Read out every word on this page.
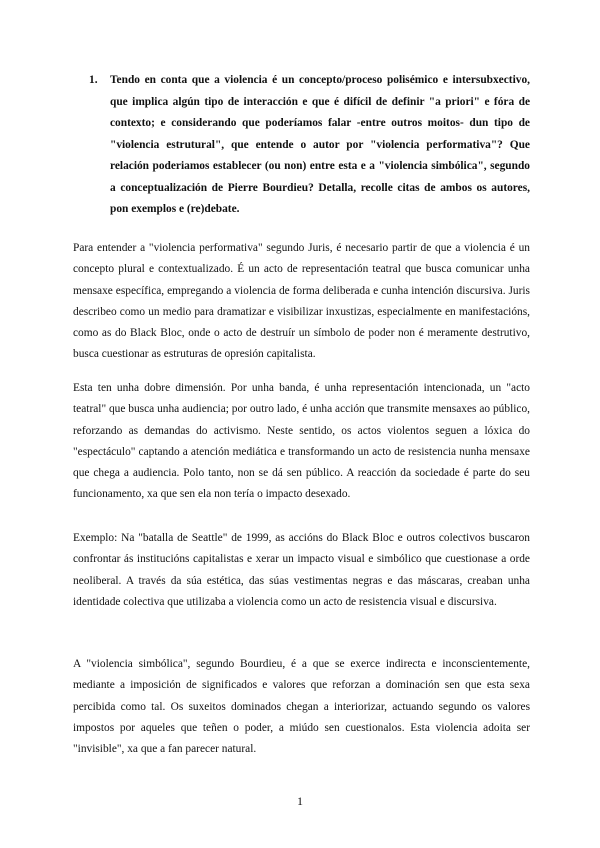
1.	Tendo en conta que a violencia é un concepto/proceso polisémico e intersubxectivo, que implica algún tipo de interacción e que é difícil de definir "a priori" e fóra de contexto; e considerando que poderíamos falar -entre outros moitos- dun tipo de "violencia estrutural", que entende o autor por "violencia performativa"? Que relación poderiamos establecer (ou non) entre esta e a "violencia simbólica", segundo a conceptualización de Pierre Bourdieu? Detalla, recolle citas de ambos os autores, pon exemplos e (re)debate.

Para entender a "violencia performativa" segundo Juris, é necesario partir de que a violencia é un concepto plural e contextualizado. É un acto de representación teatral que busca comunicar unha mensaxe específica, empregando a violencia de forma deliberada e cunha intención discursiva. Juris describeo como un medio para dramatizar e visibilizar inxustizas, especialmente en manifestacións, como as do Black Bloc, onde o acto de destruír un símbolo de poder non é meramente destrutivo, busca cuestionar as estruturas de opresión capitalista.

Esta ten unha dobre dimensión. Por unha banda, é unha representación intencionada, un "acto teatral" que busca unha audiencia; por outro lado, é unha acción que transmite mensaxes ao público, reforzando as demandas do activismo. Neste sentido, os actos violentos seguen a lóxica do "espectáculo" captando a atención mediática e transformando un acto de resistencia nunha mensaxe que chega a audiencia. Polo tanto, non se dá sen público. A reacción da sociedade é parte do seu funcionamento, xa que sen ela non tería o impacto desexado.

Exemplo: Na "batalla de Seattle" de 1999, as accións do Black Bloc e outros colectivos buscaron confrontar ás institucións capitalistas e xerar un impacto visual e simbólico que cuestionase a orde neoliberal. A través da súa estética, das súas vestimentas negras e das máscaras, creaban unha identidade colectiva que utilizaba a violencia como un acto de resistencia visual e discursiva.

A "violencia simbólica", segundo Bourdieu, é a que se exerce indirecta e inconscientemente, mediante a imposición de significados e valores que reforzan a dominación sen que esta sexa percibida como tal. Os suxeitos dominados chegan a interiorizar, actuando segundo os valores impostos por aqueles que teñen o poder, a miúdo sen cuestionalos. Esta violencia adoita ser "invisible", xa que a fan parecer natural.

1
